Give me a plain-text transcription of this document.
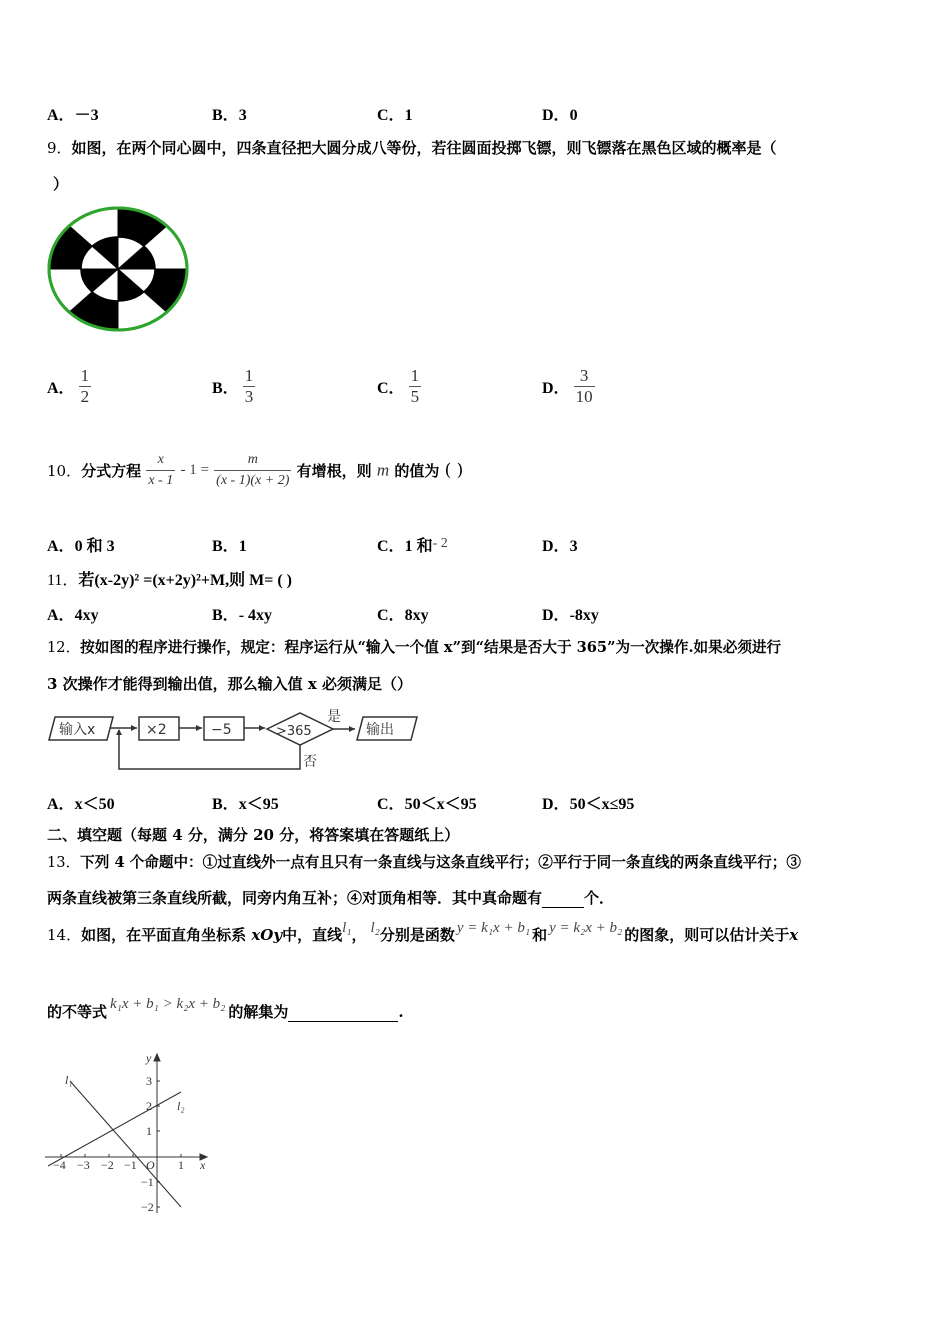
A．－3	B．3	C．1	D．0
9．如图，在两个同心圆中，四条直径把大圆分成八等份，若往圆面投掷飞镖，则飞镖落在黑色区域的概率是（
）
A． $\frac{1}{2}$	B． $\frac{1}{3}$	C． $\frac{1}{5}$	D． $\frac{3}{10}$
10．分式方程 $\frac{x}{x - 1} - 1 = \frac{m}{(x - 1)(x + 2)}$ 有增根，则 m 的值为 ( )
A．0 和 3	B．1	C．1 和- 2	D．3
11．若(x-2y)² =(x+2y)²+M,则 M= ( )
A．4xy	B．- 4xy	C．8xy	D．-8xy
12．按如图的程序进行操作，规定：程序运行从“输入一个值 x”到“结果是否大于 365”为一次操作.如果必须进行
3 次操作才能得到输出值，那么输入值 x 必须满足（）
输入x	×2	−5	>365
是
输出
否
A．x＜50	B．x＜95	C．50＜x＜95	D．50＜x≤95
二、填空题（每题 4 分，满分 20 分，将答案填在答题纸上）
13．下列 4 个命题中：①过直线外一点有且只有一条直线与这条直线平行；②平行于同一条直线的两条直线平行；③
两条直线被第三条直线所截，同旁内角互补；④对顶角相等．其中真命题有	个．
14．如图，在平面直角坐标系 xOy中，直线l₁， l₂分别是函数 y = k₁x + b₁ 和 y = k₂x + b₂ 的图象，则可以估计关于x
的不等式 k₁x + b₁ > k₂x + b₂ 的解集为	.
y
x
O
l₁
l₂
−4 −3 −2 −1	1
3
2
1
−1
−2
